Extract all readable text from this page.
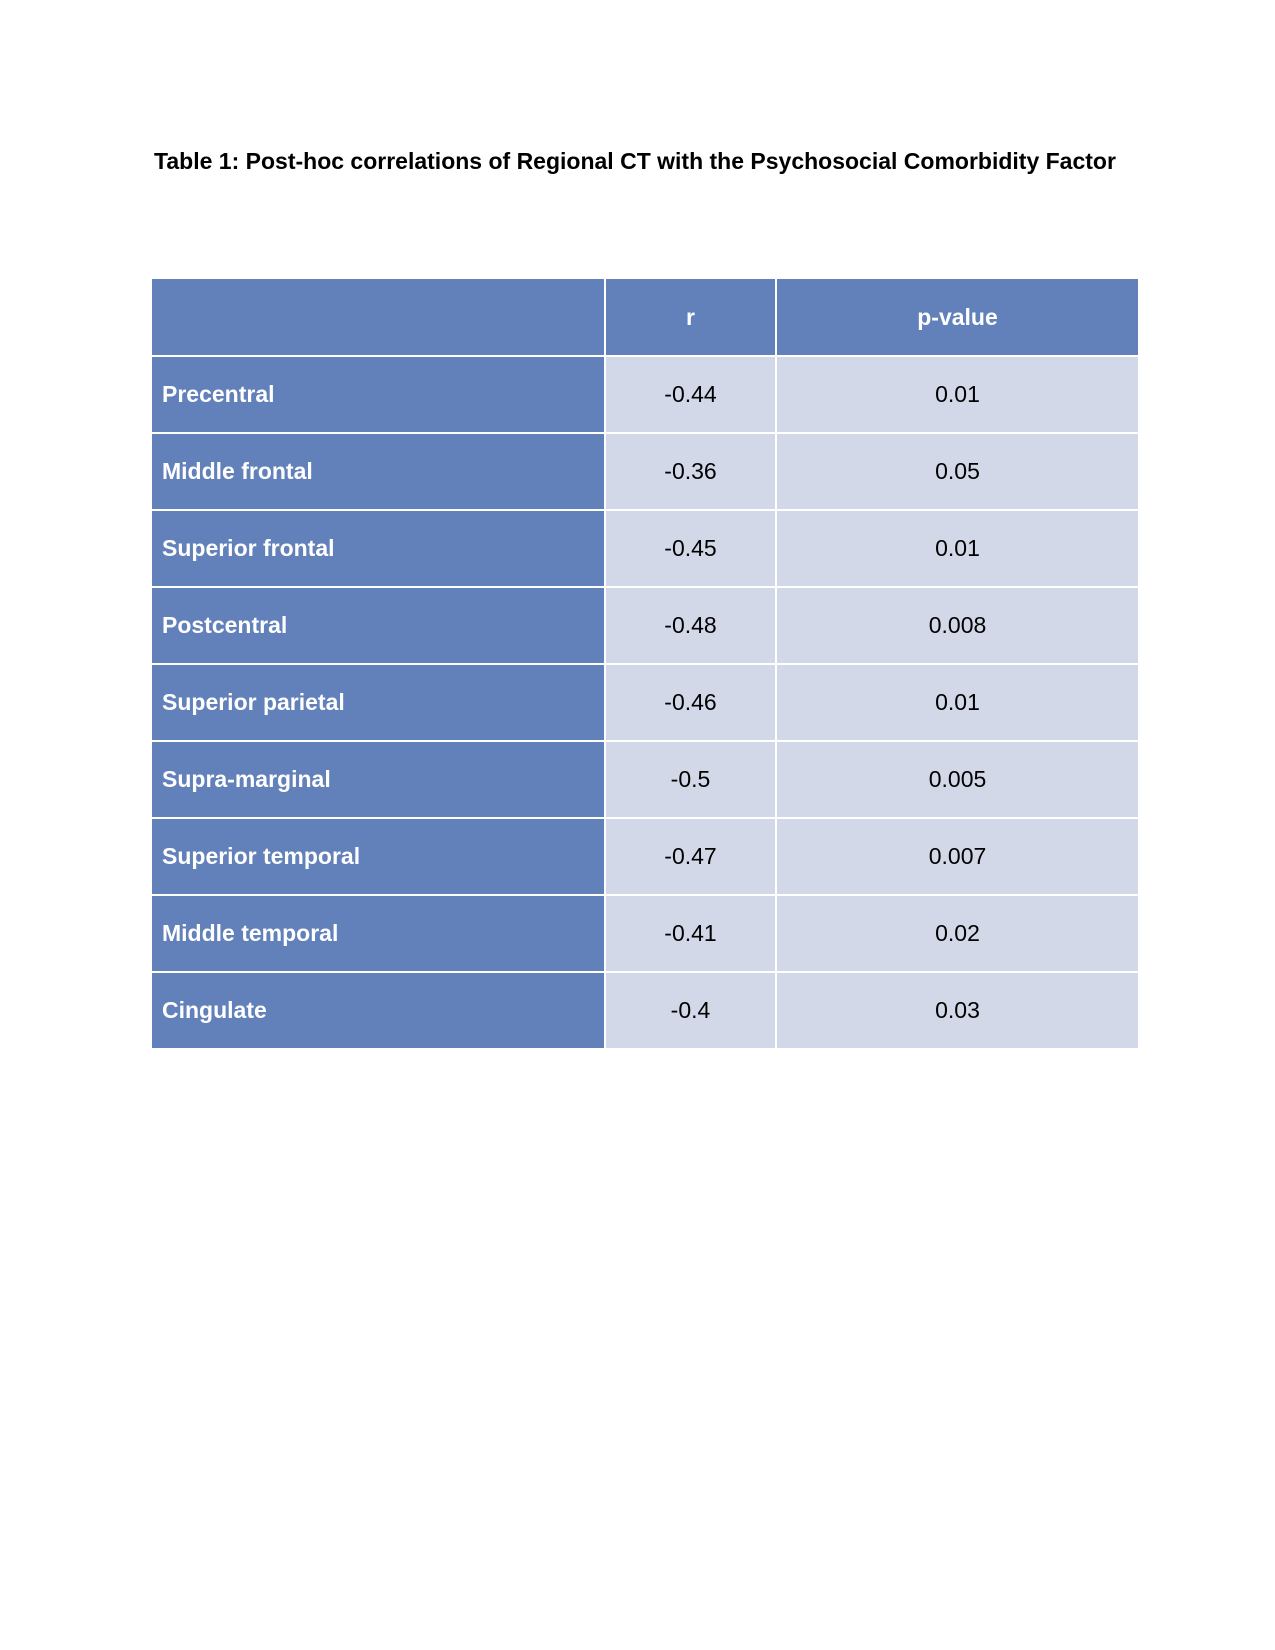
Table 1: Post-hoc correlations of Regional CT with the Psychosocial Comorbidity Factor
	r	p-value
Precentral	-0.44	0.01
Middle frontal	-0.36	0.05
Superior frontal	-0.45	0.01
Postcentral	-0.48	0.008
Superior parietal	-0.46	0.01
Supra-marginal	-0.5	0.005
Superior temporal	-0.47	0.007
Middle temporal	-0.41	0.02
Cingulate	-0.4	0.03
